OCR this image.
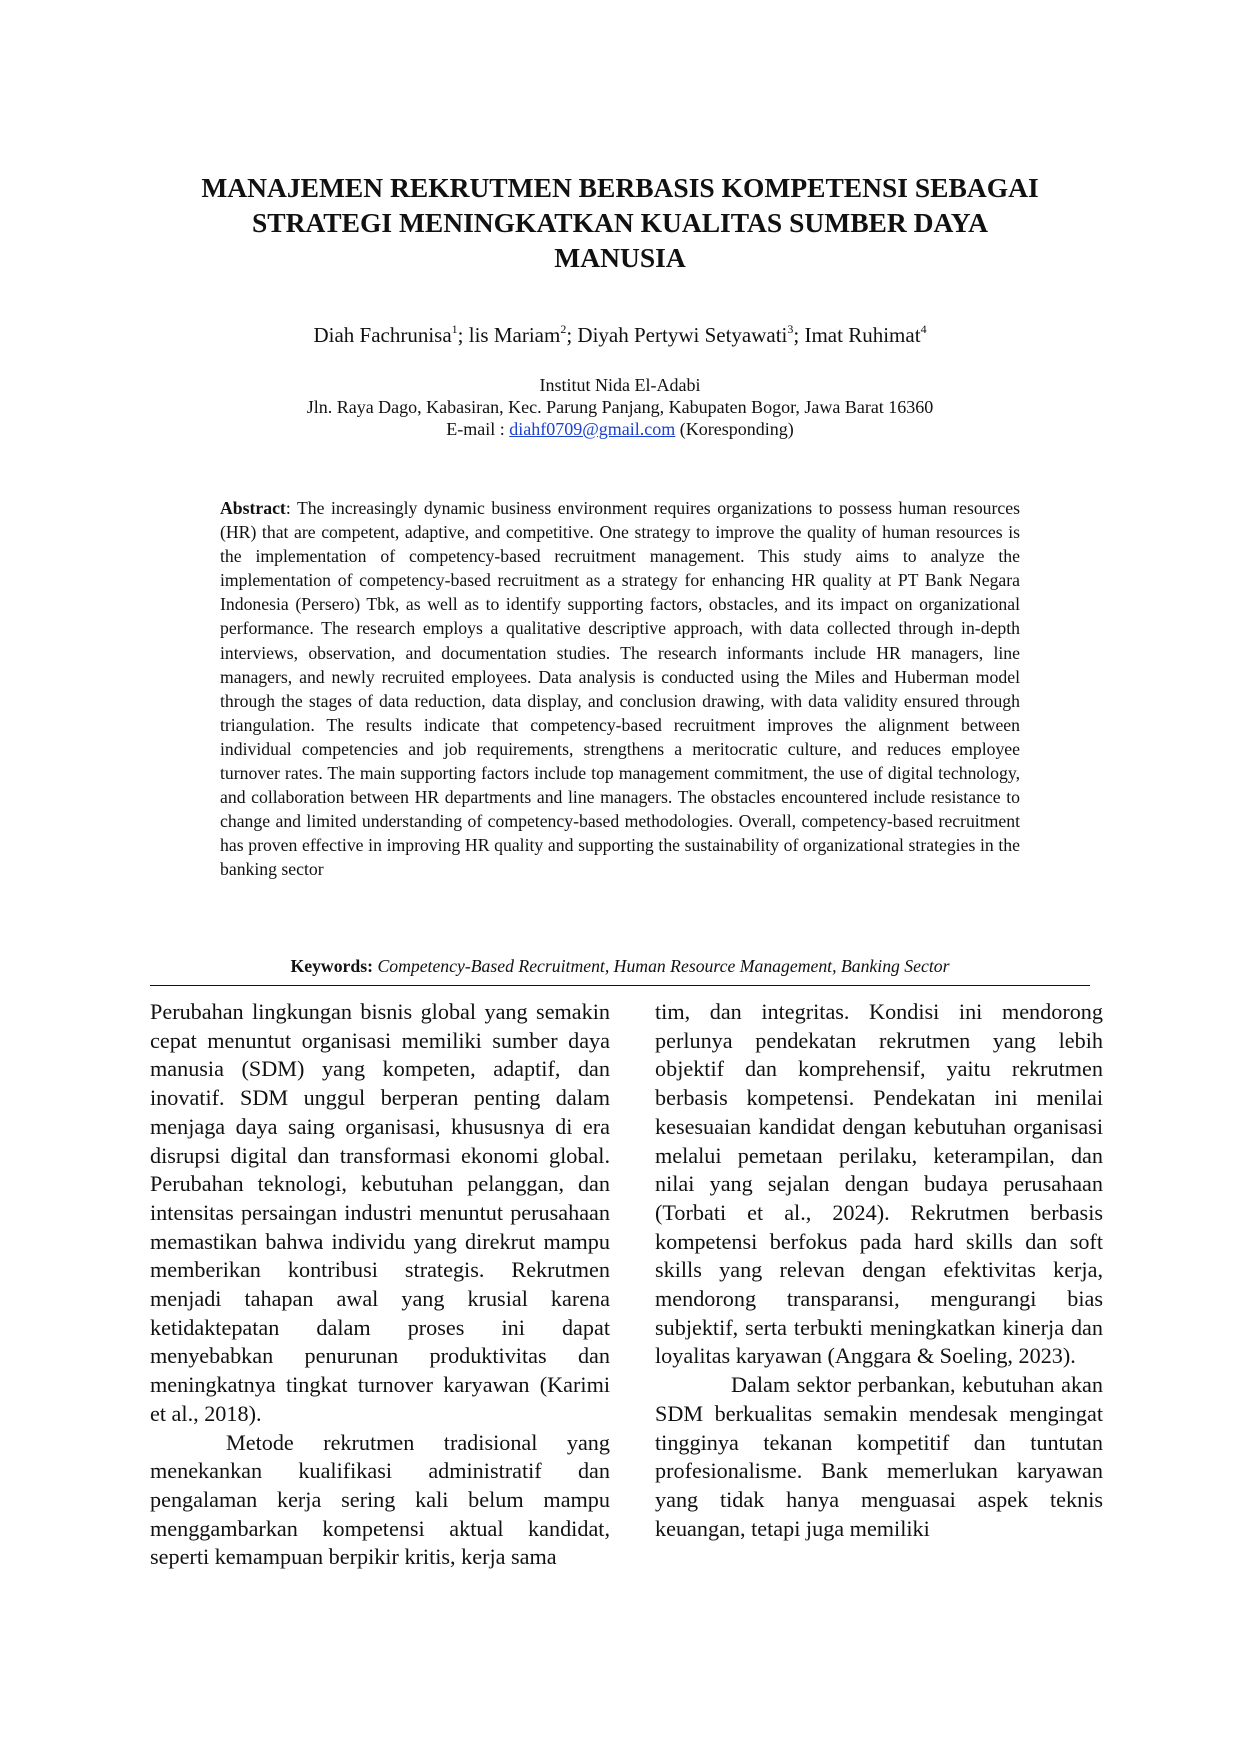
MANAJEMEN REKRUTMEN BERBASIS KOMPETENSI SEBAGAI
STRATEGI MENINGKATKAN KUALITAS SUMBER DAYA
MANUSIA
Diah Fachrunisa$^1$; lis Mariam$^2$; Diyah Pertywi Setyawati$^3$; Imat Ruhimat$^4$
Institut Nida El-Adabi
Jln. Raya Dago, Kabasiran, Kec. Parung Panjang, Kabupaten Bogor, Jawa Barat 16360
E-mail : diahf0709@gmail.com (Koresponding)

Abstract: The increasingly dynamic business environment requires organizations to possess human resources (HR) that are competent, adaptive, and competitive. One strategy to improve the quality of human resources is the implementation of competency-based recruitment management. This study aims to analyze the implementation of competency-based recruitment as a strategy for enhancing HR quality at PT Bank Negara Indonesia (Persero) Tbk, as well as to identify supporting factors, obstacles, and its impact on organizational performance. The research employs a qualitative descriptive approach, with data collected through in-depth interviews, observation, and documentation studies. The research informants include HR managers, line managers, and newly recruited employees. Data analysis is conducted using the Miles and Huberman model through the stages of data reduction, data display, and conclusion drawing, with data validity ensured through triangulation. The results indicate that competency-based recruitment improves the alignment between individual competencies and job requirements, strengthens a meritocratic culture, and reduces employee turnover rates. The main supporting factors include top management commitment, the use of digital technology, and collaboration between HR departments and line managers. The obstacles encountered include resistance to change and limited understanding of competency-based methodologies. Overall, competency-based recruitment has proven effective in improving HR quality and supporting the sustainability of organizational strategies in the banking sector

Keywords: Competency-Based Recruitment, Human Resource Management, Banking Sector

Perubahan lingkungan bisnis global yang semakin cepat menuntut organisasi memiliki sumber daya manusia (SDM) yang kompeten, adaptif, dan inovatif. SDM unggul berperan penting dalam menjaga daya saing organisasi, khususnya di era disrupsi digital dan transformasi ekonomi global. Perubahan teknologi, kebutuhan pelanggan, dan intensitas persaingan industri menuntut perusahaan memastikan bahwa individu yang direkrut mampu memberikan kontribusi strategis. Rekrutmen menjadi tahapan awal yang krusial karena ketidaktepatan dalam proses ini dapat menyebabkan penurunan produktivitas dan meningkatnya tingkat turnover karyawan (Karimi et al., 2018).

Metode rekrutmen tradisional yang menekankan kualifikasi administratif dan pengalaman kerja sering kali belum mampu menggambarkan kompetensi aktual kandidat, seperti kemampuan berpikir kritis, kerja sama

tim, dan integritas. Kondisi ini mendorong perlunya pendekatan rekrutmen yang lebih objektif dan komprehensif, yaitu rekrutmen berbasis kompetensi. Pendekatan ini menilai kesesuaian kandidat dengan kebutuhan organisasi melalui pemetaan perilaku, keterampilan, dan nilai yang sejalan dengan budaya perusahaan (Torbati et al., 2024). Rekrutmen berbasis kompetensi berfokus pada hard skills dan soft skills yang relevan dengan efektivitas kerja, mendorong transparansi, mengurangi bias subjektif, serta terbukti meningkatkan kinerja dan loyalitas karyawan (Anggara & Soeling, 2023).

Dalam sektor perbankan, kebutuhan akan SDM berkualitas semakin mendesak mengingat tingginya tekanan kompetitif dan tuntutan profesionalisme. Bank memerlukan karyawan yang tidak hanya menguasai aspek teknis keuangan, tetapi juga memiliki
